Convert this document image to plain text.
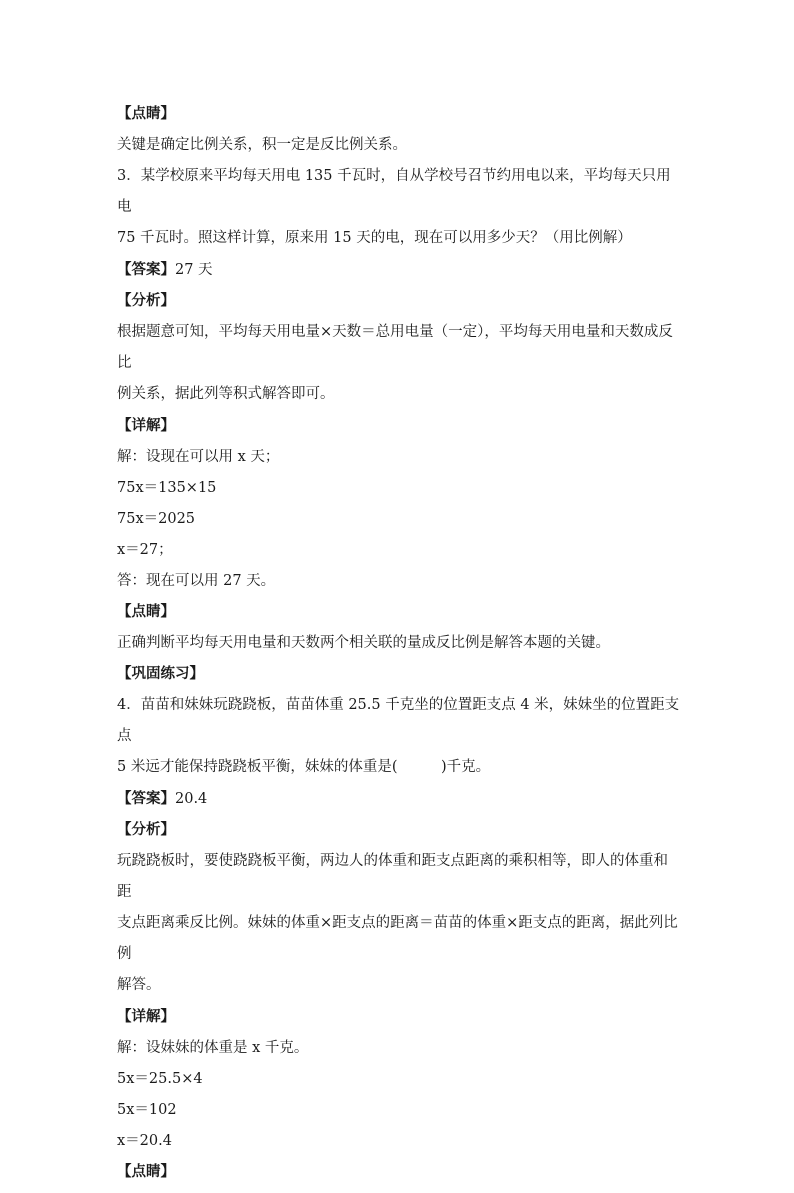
【点睛】
关键是确定比例关系，积一定是反比例关系。
3．某学校原来平均每天用电 135 千瓦时，自从学校号召节约用电以来，平均每天只用电
75 千瓦时。照这样计算，原来用 15 天的电，现在可以用多少天？（用比例解）
【答案】27 天
【分析】
根据题意可知，平均每天用电量×天数＝总用电量（一定），平均每天用电量和天数成反比
例关系，据此列等积式解答即可。
【详解】
解：设现在可以用 x 天；
75x＝135×15
75x＝2025
x＝27；
答：现在可以用 27 天。
【点睛】
正确判断平均每天用电量和天数两个相关联的量成反比例是解答本题的关键。
【巩固练习】
4．苗苗和妹妹玩跷跷板，苗苗体重 25.5 千克坐的位置距支点 4 米，妹妹坐的位置距支点
5 米远才能保持跷跷板平衡，妹妹的体重是(　　　)千克。
【答案】20.4
【分析】
玩跷跷板时，要使跷跷板平衡，两边人的体重和距支点距离的乘积相等，即人的体重和距
支点距离乘反比例。妹妹的体重×距支点的距离＝苗苗的体重×距支点的距离，据此列比例
解答。
【详解】
解：设妹妹的体重是 x 千克。
5x＝25.5×4
5x＝102
x＝20.4
【点睛】
